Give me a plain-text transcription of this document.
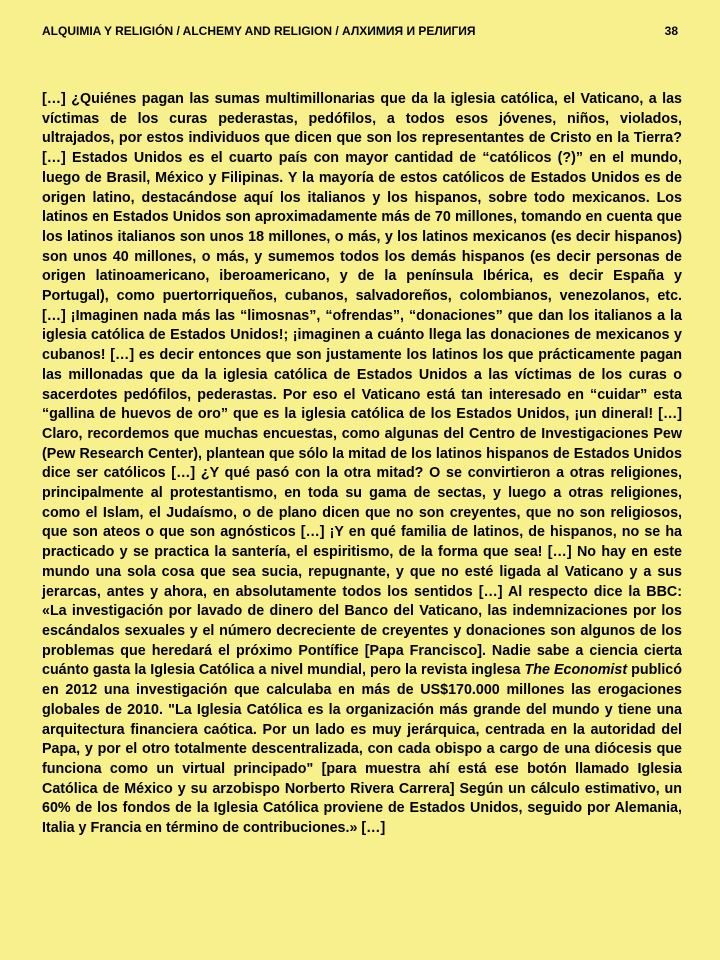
ALQUIMIA Y RELIGIÓN / ALCHEMY AND RELIGION / АЛХИМИЯ И РЕЛИГИЯ	38

[…] ¿Quiénes pagan las sumas multimillonarias que da la iglesia católica, el Vaticano, a las víctimas de los curas pederastas, pedófilos, a todos esos jóvenes, niños, violados, ultrajados, por estos individuos que dicen que son los representantes de Cristo en la Tierra? […] Estados Unidos es el cuarto país con mayor cantidad de “católicos (?)” en el mundo, luego de Brasil, México y Filipinas. Y la mayoría de estos católicos de Estados Unidos es de origen latino, destacándose aquí los italianos y los hispanos, sobre todo mexicanos. Los latinos en Estados Unidos son aproximadamente más de 70 millones, tomando en cuenta que los latinos italianos son unos 18 millones, o más, y los latinos mexicanos (es decir hispanos) son unos 40 millones, o más, y sumemos todos los demás hispanos (es decir personas de origen latinoamericano, iberoamericano, y de la península Ibérica, es decir España y Portugal), como puertorriqueños, cubanos, salvadoreños, colombianos, venezolanos, etc. […] ¡Imaginen nada más las “limosnas”, “ofrendas”, “donaciones” que dan los italianos a la iglesia católica de Estados Unidos!; ¡imaginen a cuánto llega las donaciones de mexicanos y cubanos! […] es decir entonces que son justamente los latinos los que prácticamente pagan las millonadas que da la iglesia católica de Estados Unidos a las víctimas de los curas o sacerdotes pedófilos, pederastas. Por eso el Vaticano está tan interesado en “cuidar” esta “gallina de huevos de oro” que es la iglesia católica de los Estados Unidos, ¡un dineral! […] Claro, recordemos que muchas encuestas, como algunas del Centro de Investigaciones Pew (Pew Research Center), plantean que sólo la mitad de los latinos hispanos de Estados Unidos dice ser católicos […] ¿Y qué pasó con la otra mitad? O se convirtieron a otras religiones, principalmente al protestantismo, en toda su gama de sectas, y luego a otras religiones, como el Islam, el Judaísmo, o de plano dicen que no son creyentes, que no son religiosos, que son ateos o que son agnósticos […] ¡Y en qué familia de latinos, de hispanos, no se ha practicado y se practica la santería, el espiritismo, de la forma que sea! […] No hay en este mundo una sola cosa que sea sucia, repugnante, y que no esté ligada al Vaticano y a sus jerarcas, antes y ahora, en absolutamente todos los sentidos […] Al respecto dice la BBC: «La investigación por lavado de dinero del Banco del Vaticano, las indemnizaciones por los escándalos sexuales y el número decreciente de creyentes y donaciones son algunos de los problemas que heredará el próximo Pontífice [Papa Francisco]. Nadie sabe a ciencia cierta cuánto gasta la Iglesia Católica a nivel mundial, pero la revista inglesa The Economist publicó en 2012 una investigación que calculaba en más de US$170.000 millones las erogaciones globales de 2010. "La Iglesia Católica es la organización más grande del mundo y tiene una arquitectura financiera caótica. Por un lado es muy jerárquica, centrada en la autoridad del Papa, y por el otro totalmente descentralizada, con cada obispo a cargo de una diócesis que funciona como un virtual principado" [para muestra ahí está ese botón llamado Iglesia Católica de México y su arzobispo Norberto Rivera Carrera] Según un cálculo estimativo, un 60% de los fondos de la Iglesia Católica proviene de Estados Unidos, seguido por Alemania, Italia y Francia en término de contribuciones.» […]
